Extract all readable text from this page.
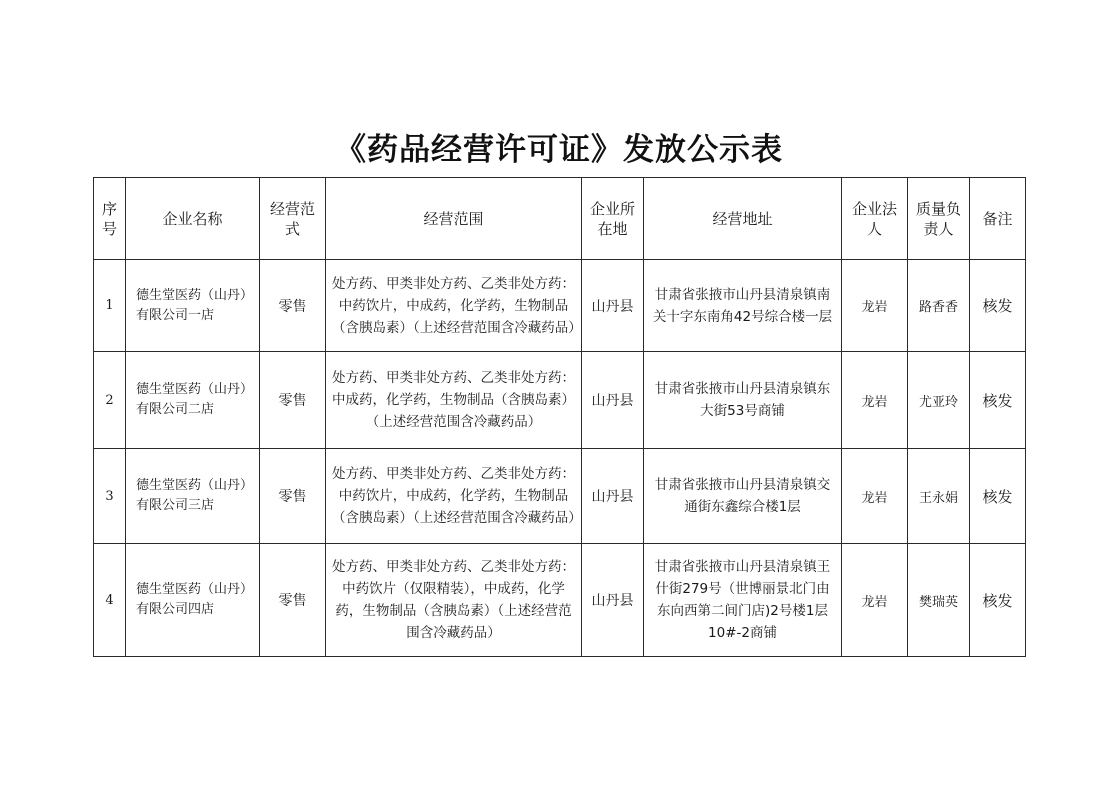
《药品经营许可证》发放公示表
序号	企业名称	经营范式	经营范围	企业所在地	经营地址	企业法人	质量负责人	备注
1	德生堂医药（山丹）有限公司一店	零售	处方药、甲类非处方药、乙类非处方药：中药饮片，中成药，化学药，生物制品（含胰岛素）（上述经营范围含冷藏药品）	山丹县	甘肃省张掖市山丹县清泉镇南关十字东南角42号综合楼一层	龙岩	路香香	核发
2	德生堂医药（山丹）有限公司二店	零售	处方药、甲类非处方药、乙类非处方药：中成药，化学药，生物制品（含胰岛素）（上述经营范围含冷藏药品）	山丹县	甘肃省张掖市山丹县清泉镇东大街53号商铺	龙岩	尤亚玲	核发
3	德生堂医药（山丹）有限公司三店	零售	处方药、甲类非处方药、乙类非处方药：中药饮片，中成药，化学药，生物制品（含胰岛素）（上述经营范围含冷藏药品）	山丹县	甘肃省张掖市山丹县清泉镇交通街东鑫综合楼1层	龙岩	王永娟	核发
4	德生堂医药（山丹）有限公司四店	零售	处方药、甲类非处方药、乙类非处方药：中药饮片（仅限精装），中成药，化学药，生物制品（含胰岛素）（上述经营范围含冷藏药品）	山丹县	甘肃省张掖市山丹县清泉镇王什街279号（世博丽景北门由东向西第二间门店)2号楼1层10#-2商铺	龙岩	樊瑞英	核发
